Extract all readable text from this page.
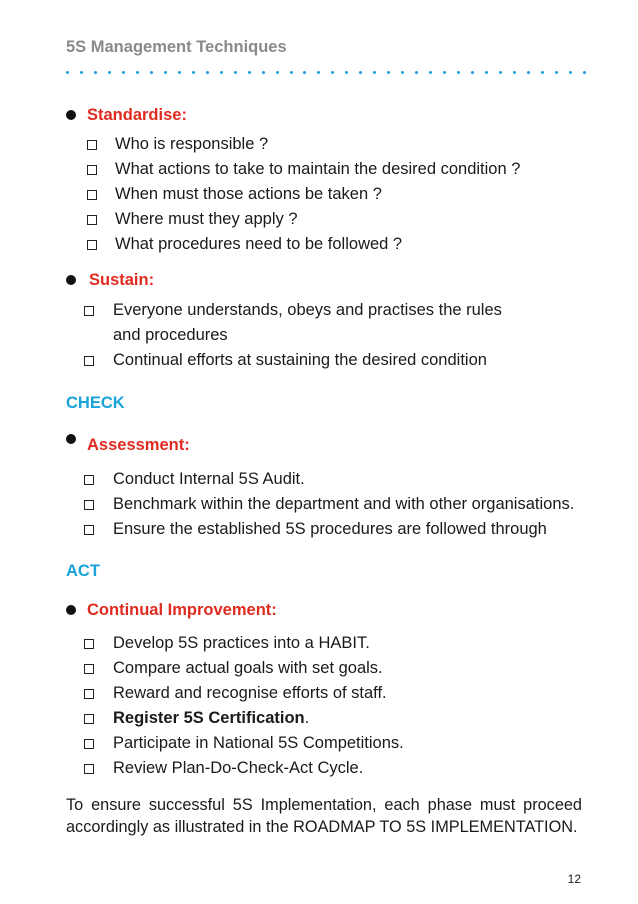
5S Management Techniques
Standardise:
Who is responsible ?
What actions to take to maintain the desired condition ?
When must those actions be taken ?
Where must they apply ?
What procedures need to be followed ?
Sustain:
Everyone understands, obeys and practises the rules
and procedures
Continual efforts at sustaining the desired condition
CHECK
Assessment:
Conduct Internal 5S Audit.
Benchmark within the department and with other organisations.
Ensure the established 5S procedures are followed through
ACT
Continual Improvement:
Develop 5S practices into a HABIT.
Compare actual goals with set goals.
Reward and recognise efforts of staff.
Register 5S Certification.
Participate in National 5S Competitions.
Review Plan-Do-Check-Act Cycle.
To ensure successful 5S Implementation, each phase must proceed accordingly as illustrated in the ROADMAP TO 5S IMPLEMENTATION.
12
